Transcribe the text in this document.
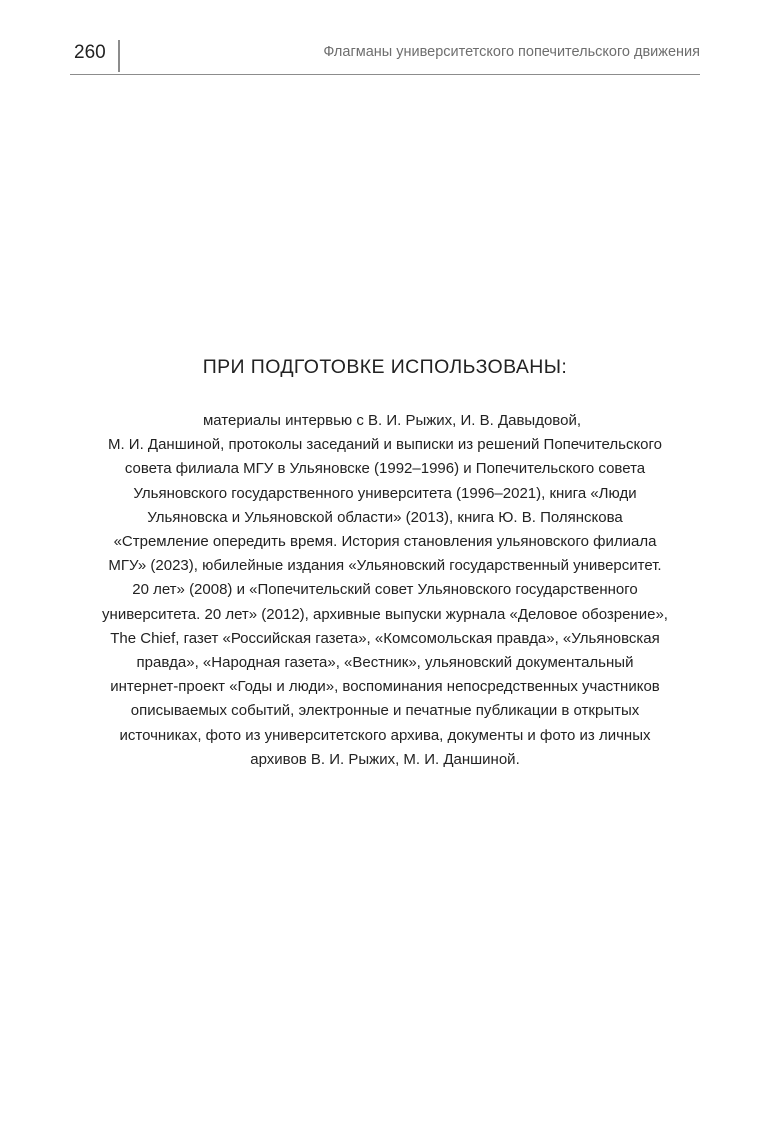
260	Флагманы университетского попечительского движения
ПРИ ПОДГОТОВКЕ ИСПОЛЬЗОВАНЫ:

материалы интервью с В. И. Рыжих, И. В. Давыдовой,
М. И. Даншиной, протоколы заседаний и выписки из решений Попечительского
совета филиала МГУ в Ульяновске (1992–1996) и Попечительского совета
Ульяновского государственного университета (1996–2021), книга «Люди
Ульяновска и Ульяновской области» (2013), книга Ю. В. Полянскова
«Стремление опередить время. История становления ульяновского филиала
МГУ» (2023), юбилейные издания «Ульяновский государственный университет.
20 лет» (2008) и «Попечительский совет Ульяновского государственного
университета. 20 лет» (2012), архивные выпуски журнала «Деловое обозрение»,
The Chief, газет «Российская газета», «Комсомольская правда», «Ульяновская
правда», «Народная газета», «Вестник», ульяновский документальный
интернет-проект «Годы и люди», воспоминания непосредственных участников
описываемых событий, электронные и печатные публикации в открытых
источниках, фото из университетского архива, документы и фото из личных
архивов В. И. Рыжих, М. И. Даншиной.
